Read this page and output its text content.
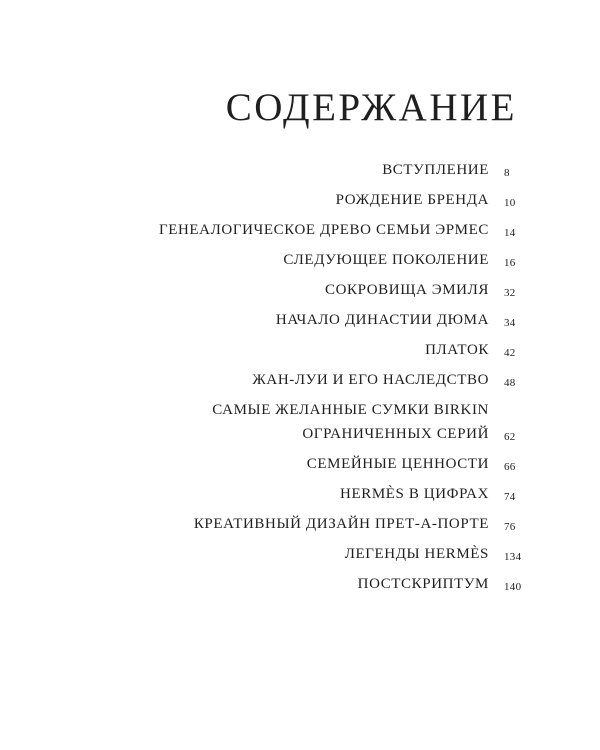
СОДЕРЖАНИЕ
ВСТУПЛЕНИЕ 8
РОЖДЕНИЕ БРЕНДА 10
ГЕНЕАЛОГИЧЕСКОЕ ДРЕВО СЕМЬИ ЭРМЕС 14
СЛЕДУЮЩЕЕ ПОКОЛЕНИЕ 16
СОКРОВИЩА ЭМИЛЯ 32
НАЧАЛО ДИНАСТИИ ДЮМА 34
ПЛАТОК 42
ЖАН-ЛУИ И ЕГО НАСЛЕДСТВО 48
САМЫЕ ЖЕЛАННЫЕ СУМКИ BIRKIN
ОГРАНИЧЕННЫХ СЕРИЙ 62
СЕМЕЙНЫЕ ЦЕННОСТИ 66
HERMÈS В ЦИФРАХ 74
КРЕАТИВНЫЙ ДИЗАЙН ПРЕТ-А-ПОРТЕ 76
ЛЕГЕНДЫ HERMÈS 134
ПОСТСКРИПТУМ 140
